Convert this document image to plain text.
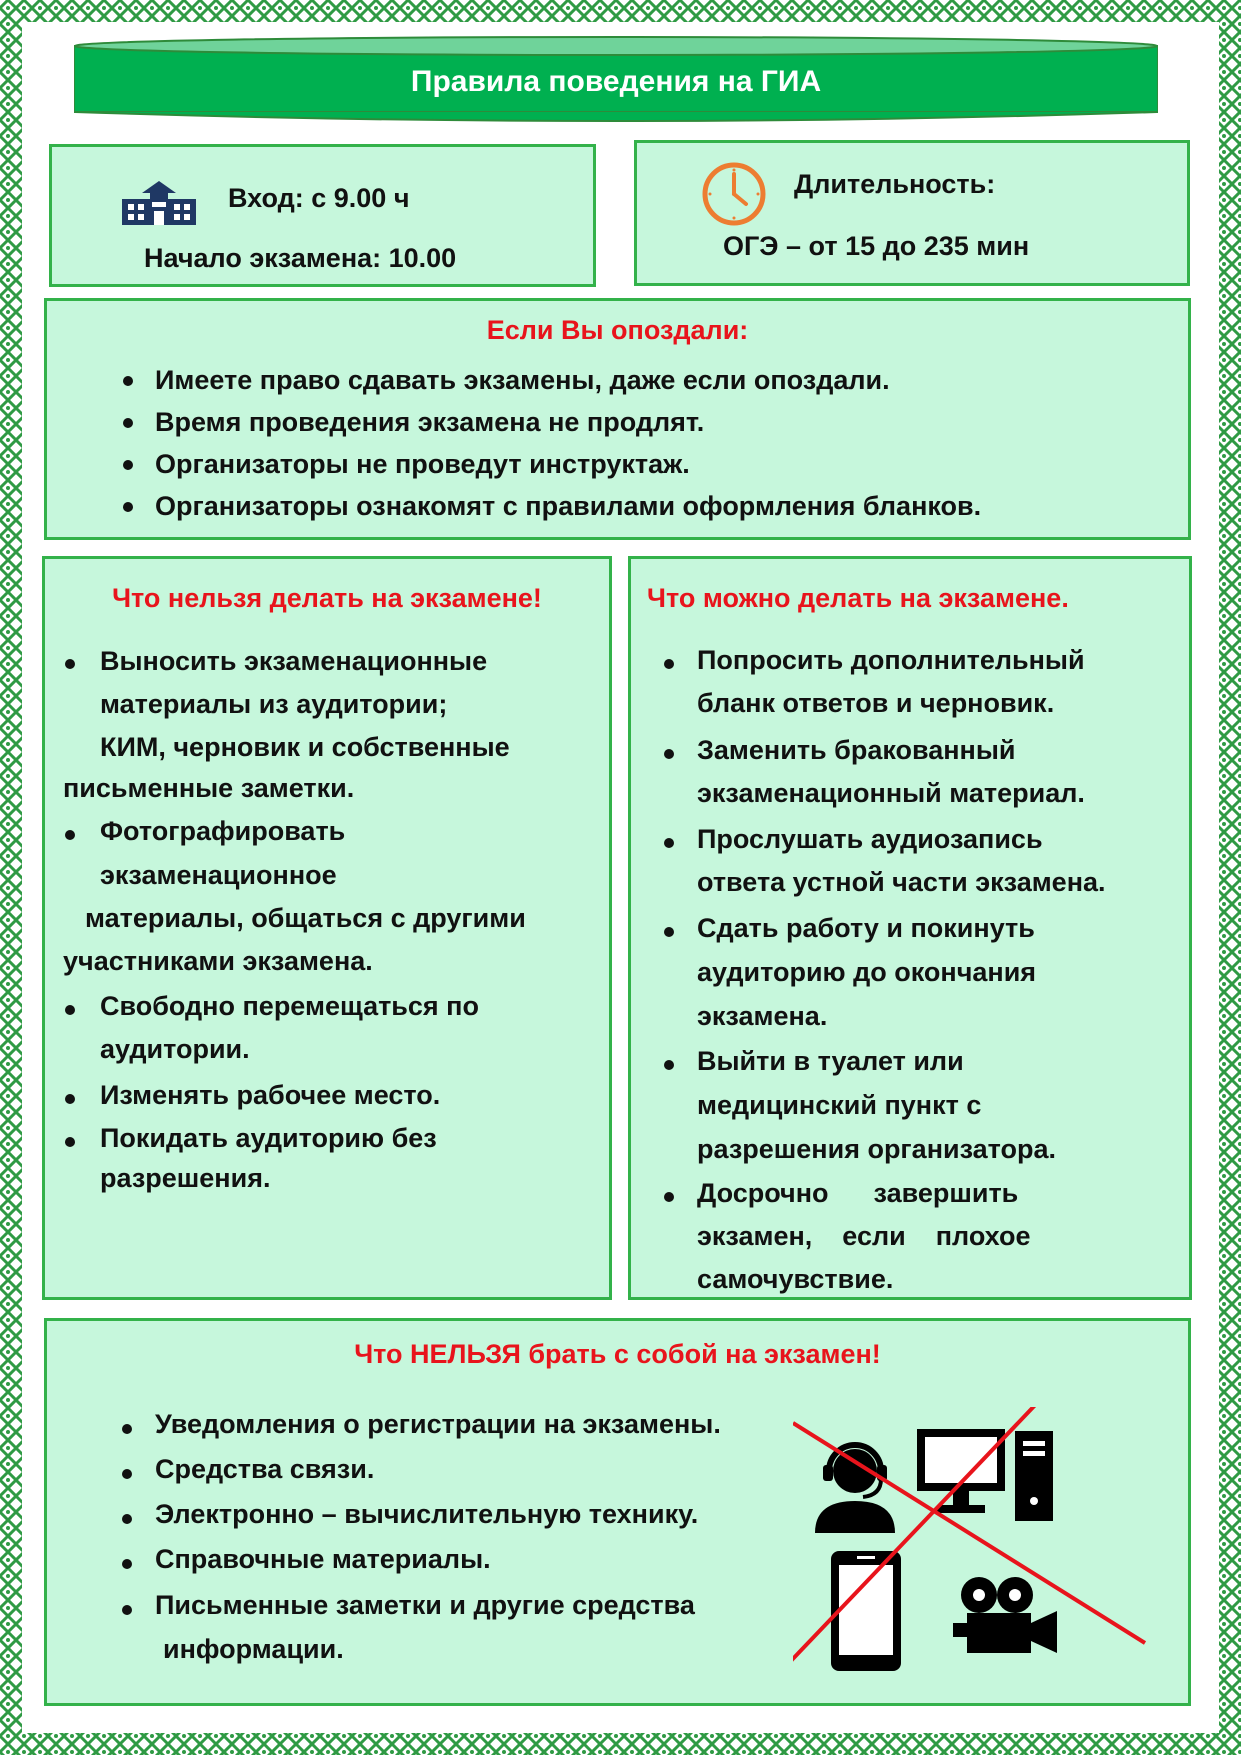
Правила поведения на ГИА
Вход: с 9.00 ч
Начало экзамена: 10.00
Длительность:
ОГЭ – от 15 до 235 мин
Если Вы опоздали:
Имеете право сдавать экзамены, даже если опоздали.
Время проведения экзамена не продлят.
Организаторы не проведут инструктаж.
Организаторы ознакомят с правилами оформления бланков.
Что нельзя делать на экзамене!
Выносить экзаменационные
материалы из аудитории;
КИМ, черновик и собственные
письменные заметки.
Фотографировать
экзаменационное
материалы, общаться с другими
участниками экзамена.
Свободно перемещаться по
аудитории.
Изменять рабочее место.
Покидать аудиторию без
разрешения.
Что можно делать на экзамене.
Попросить дополнительный
бланк ответов и черновик.
Заменить бракованный
экзаменационный материал.
Прослушать аудиозапись
ответа устной части экзамена.
Сдать работу и покинуть
аудиторию до окончания
экзамена.
Выйти в туалет или
медицинский пункт с
разрешения организатора.
Досрочно      завершить
экзамен,    если    плохое
самочувствие.
Что НЕЛЬЗЯ брать с собой на экзамен!
Уведомления о регистрации на экзамены.
Средства связи.
Электронно – вычислительную технику.
Справочные материалы.
Письменные заметки и другие средства
информации.
